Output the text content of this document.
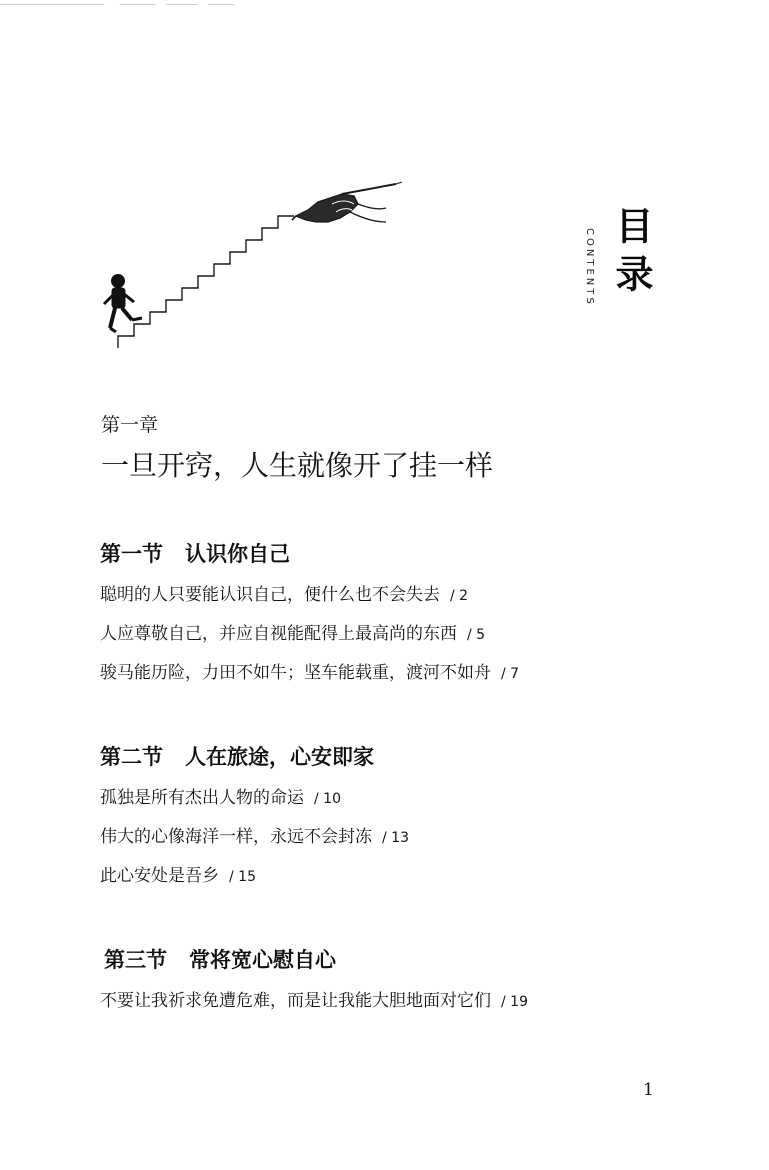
CONTENTS 目录
第一章
一旦开窍，人生就像开了挂一样
第一节 认识你自己
聪明的人只要能认识自己，便什么也不会失去 / 2
人应尊敬自己，并应自视能配得上最高尚的东西 / 5
骏马能历险，力田不如牛；坚车能载重，渡河不如舟 / 7
第二节 人在旅途，心安即家
孤独是所有杰出人物的命运 / 10
伟大的心像海洋一样，永远不会封冻 / 13
此心安处是吾乡 / 15
第三节 常将宽心慰自心
不要让我祈求免遭危难，而是让我能大胆地面对它们 / 19
1
